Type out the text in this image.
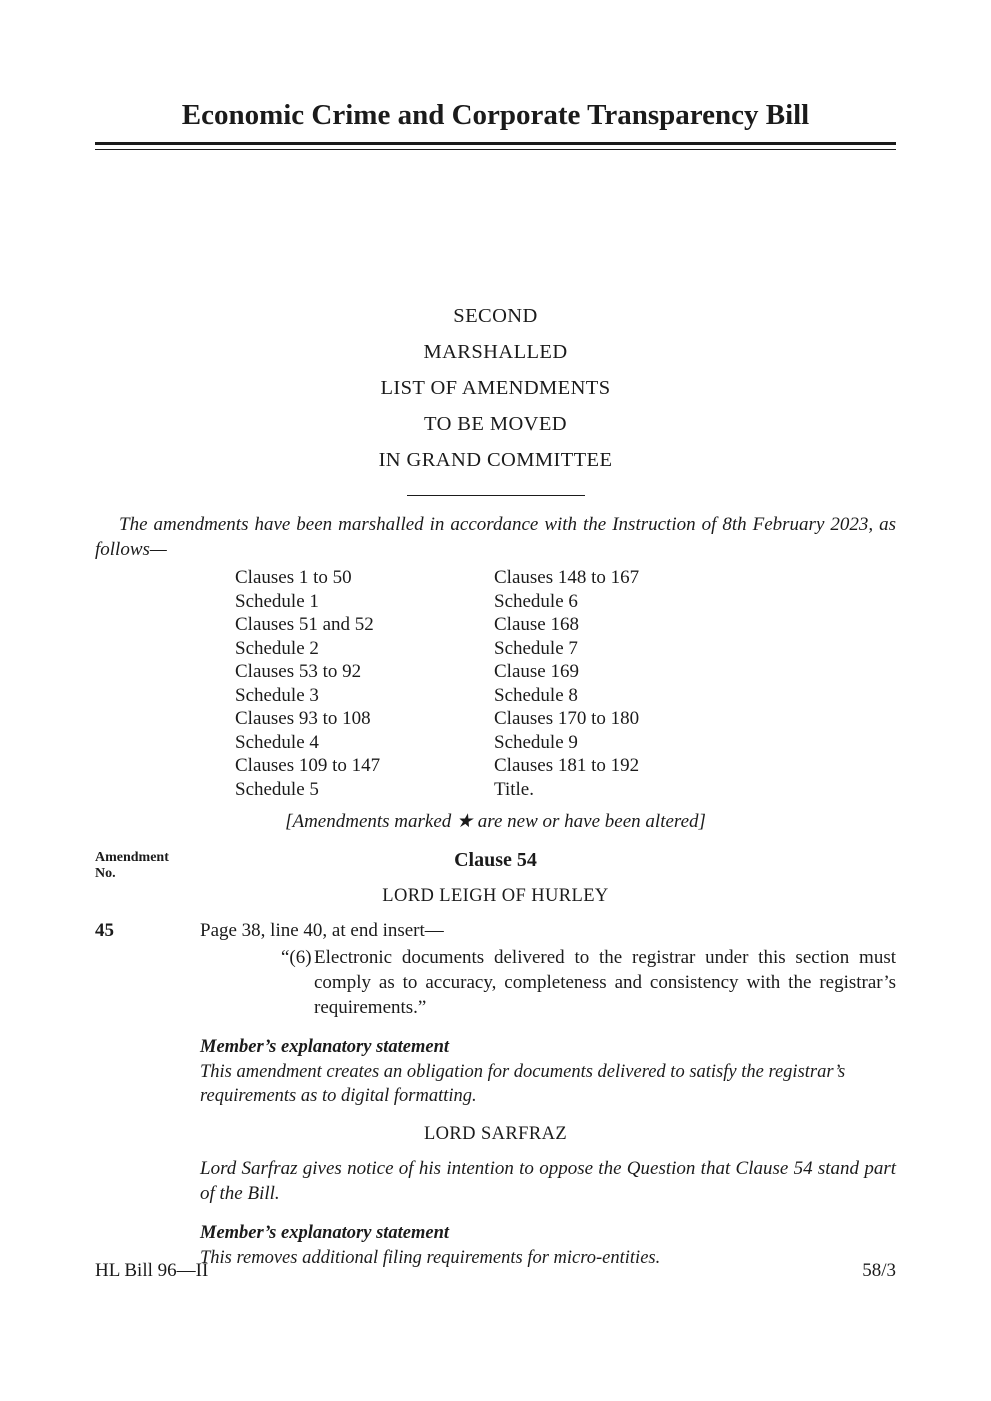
Economic Crime and Corporate Transparency Bill
SECOND
MARSHALLED
LIST OF AMENDMENTS
TO BE MOVED
IN GRAND COMMITTEE

The amendments have been marshalled in accordance with the Instruction of 8th February 2023, as follows—

Clauses 1 to 50
Schedule 1
Clauses 51 and 52
Schedule 2
Clauses 53 to 92
Schedule 3
Clauses 93 to 108
Schedule 4
Clauses 109 to 147
Schedule 5
Clauses 148 to 167
Schedule 6
Clause 168
Schedule 7
Clause 169
Schedule 8
Clauses 170 to 180
Schedule 9
Clauses 181 to 192
Title.

[Amendments marked ★ are new or have been altered]

Amendment
No.
Clause 54
LORD LEIGH OF HURLEY
45	Page 38, line 40, at end insert—

“(6) Electronic documents delivered to the registrar under this section must comply as to accuracy, completeness and consistency with the registrar’s requirements.”

Member’s explanatory statement

This amendment creates an obligation for documents delivered to satisfy the registrar’s requirements as to digital formatting.

LORD SARFRAZ

Lord Sarfraz gives notice of his intention to oppose the Question that Clause 54 stand part of the Bill.

Member’s explanatory statement

This removes additional filing requirements for micro-entities.

HL Bill 96—II	58/3
